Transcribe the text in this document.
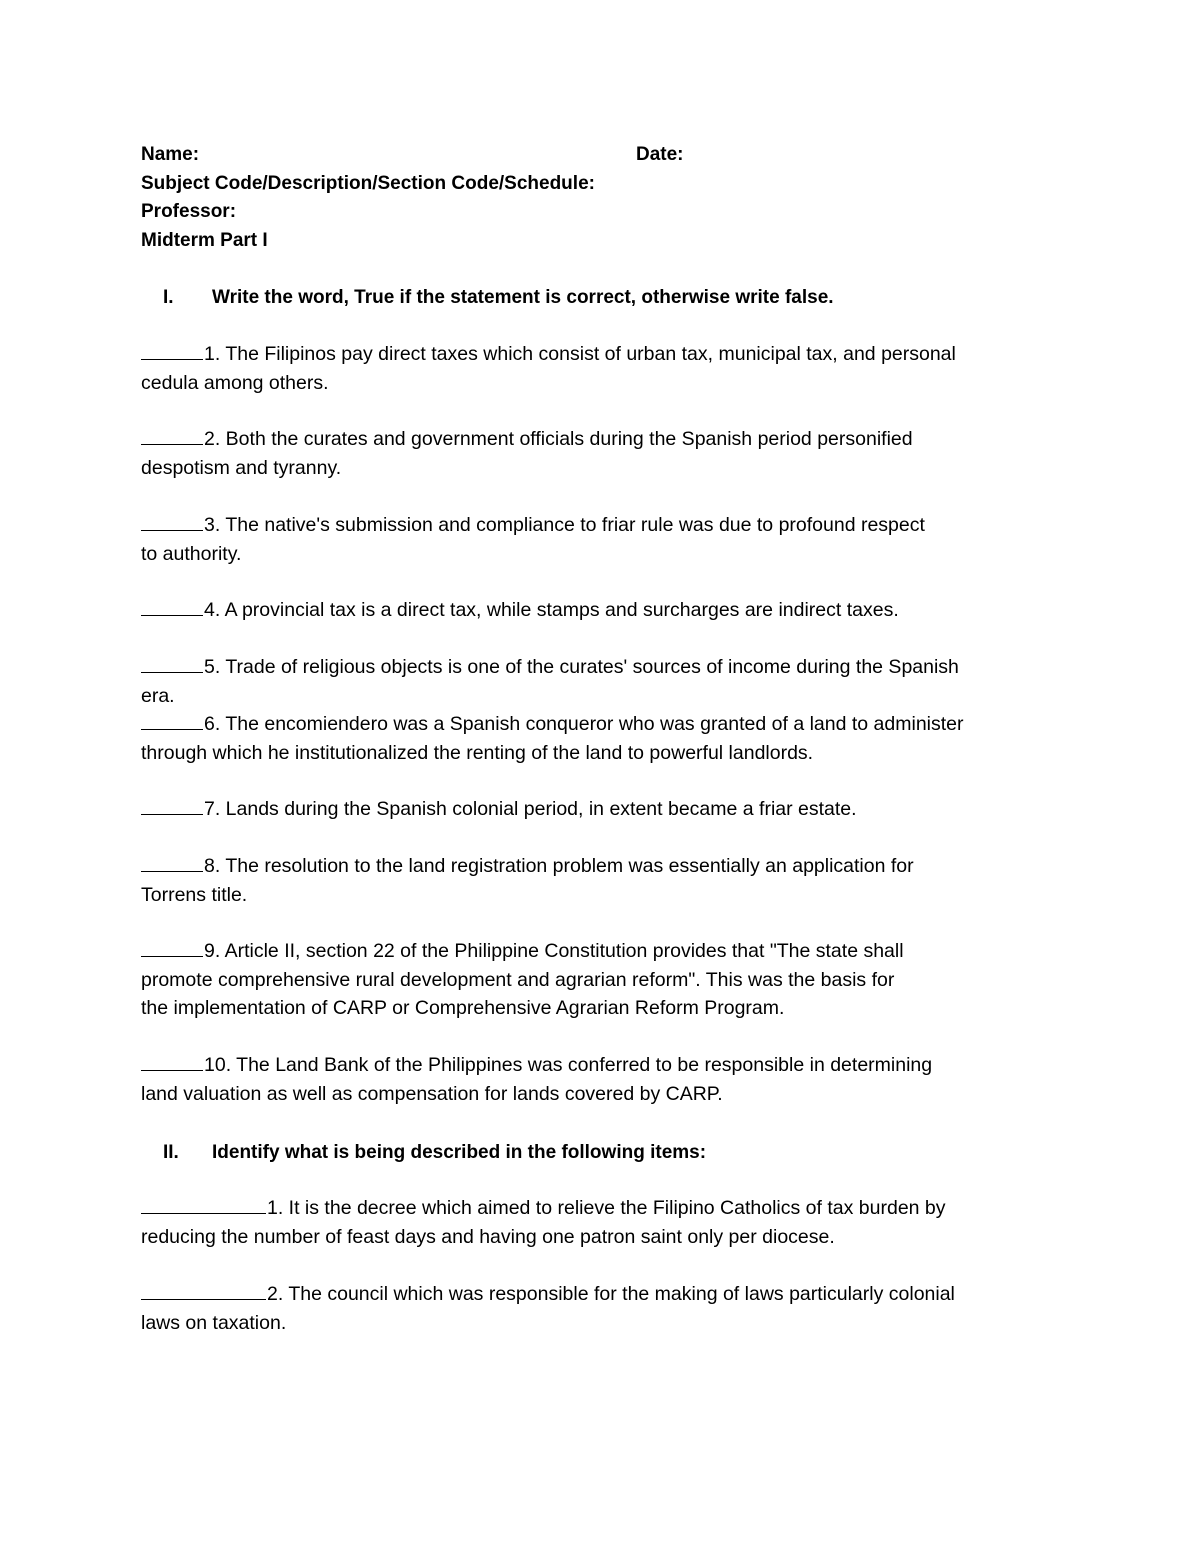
Name:	Date:
Subject Code/Description/Section Code/Schedule:
Professor:
Midterm Part I
I. Write the word, True if the statement is correct, otherwise write false.
1. The Filipinos pay direct taxes which consist of urban tax, municipal tax, and personal
cedula among others.
2. Both the curates and government officials during the Spanish period personified
despotism and tyranny.
3. The native's submission and compliance to friar rule was due to profound respect
to authority.
4. A provincial tax is a direct tax, while stamps and surcharges are indirect taxes.
5. Trade of religious objects is one of the curates' sources of income during the Spanish
era.
6. The encomiendero was a Spanish conqueror who was granted of a land to administer
through which he institutionalized the renting of the land to powerful landlords.
7. Lands during the Spanish colonial period, in extent became a friar estate.
8. The resolution to the land registration problem was essentially an application for
Torrens title.
9. Article II, section 22 of the Philippine Constitution provides that "The state shall
promote comprehensive rural development and agrarian reform". This was the basis for
the implementation of CARP or Comprehensive Agrarian Reform Program.
10. The Land Bank of the Philippines was conferred to be responsible in determining
land valuation as well as compensation for lands covered by CARP.
II. Identify what is being described in the following items:
1. It is the decree which aimed to relieve the Filipino Catholics of tax burden by
reducing the number of feast days and having one patron saint only per diocese.
2. The council which was responsible for the making of laws particularly colonial
laws on taxation.
